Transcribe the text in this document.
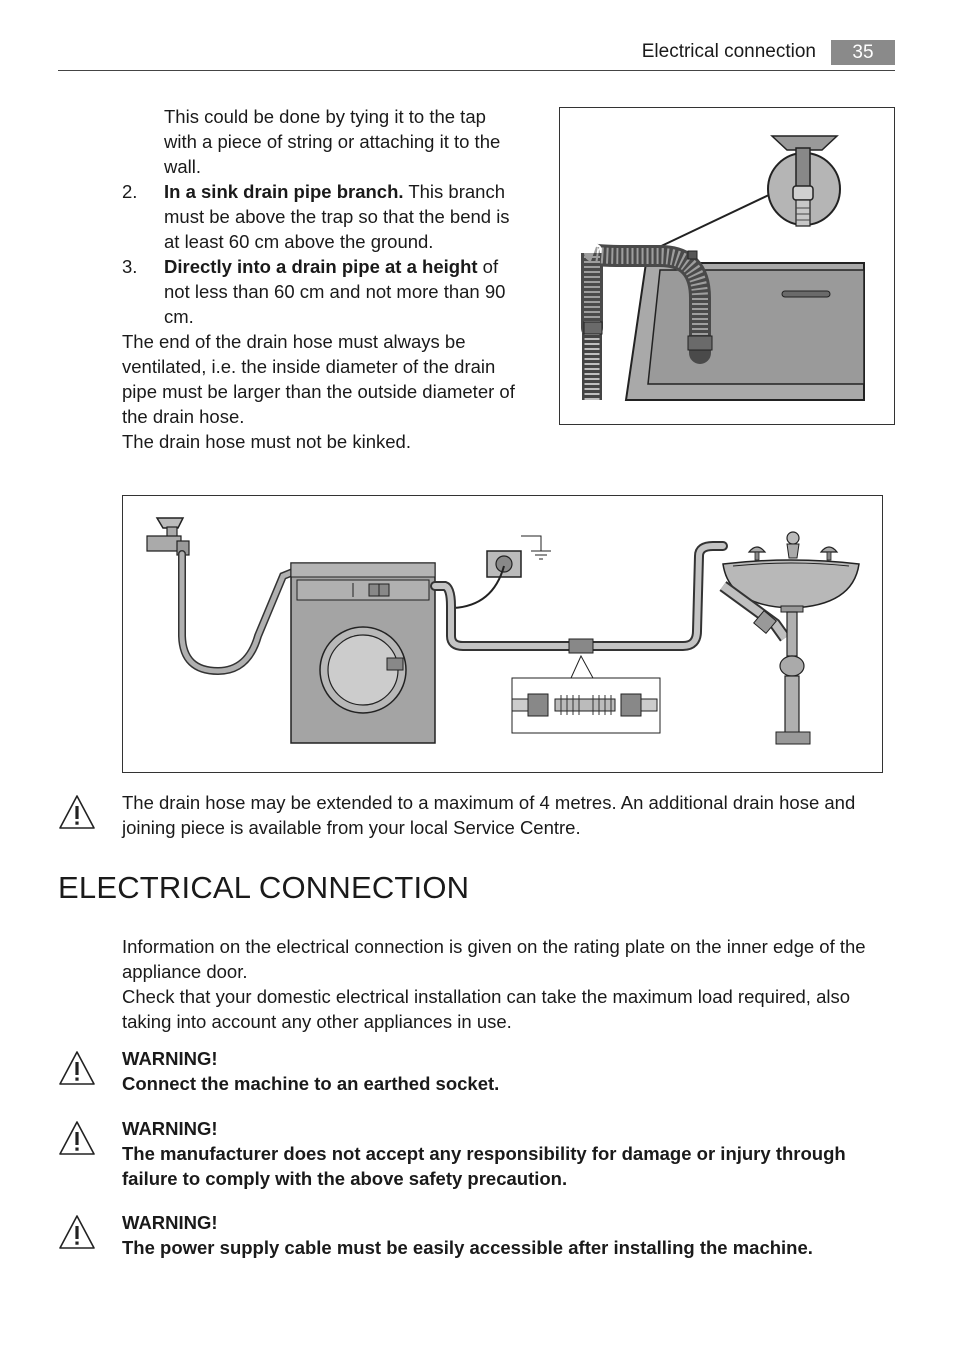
Electrical connection	35

This could be done by tying it to the tap with a piece of string or attaching it to the wall.

2. In a sink drain pipe branch. This branch must be above the trap so that the bend is at least 60 cm above the ground.

3. Directly into a drain pipe at a height of not less than 60 cm and not more than 90 cm.

The end of the drain hose must always be ventilated, i.e. the inside diameter of the drain pipe must be larger than the outside diameter of the drain hose.

The drain hose must not be kinked.

The drain hose may be extended to a maximum of 4 metres. An additional drain hose and joining piece is available from your local Service Centre.

ELECTRICAL CONNECTION

Information on the electrical connection is given on the rating plate on the inner edge of the appliance door.

Check that your domestic electrical installation can take the maximum load required, also taking into account any other appliances in use.

WARNING!

Connect the machine to an earthed socket.

WARNING!

The manufacturer does not accept any responsibility for damage or injury through failure to comply with the above safety precaution.

WARNING!

The power supply cable must be easily accessible after installing the machine.
